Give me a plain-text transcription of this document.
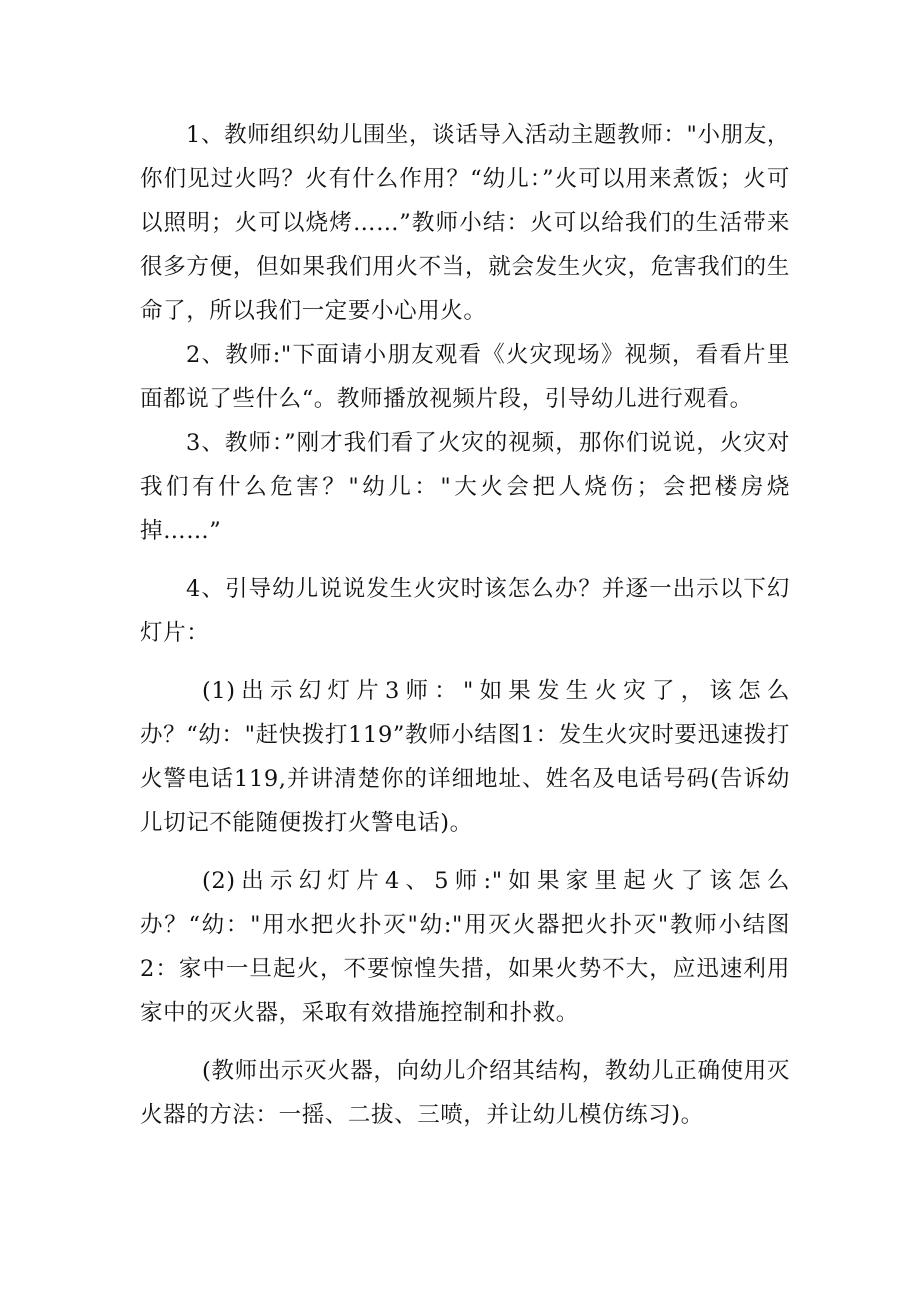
1、教师组织幼儿围坐，谈话导入活动主题教师："小朋友，你们见过火吗？火有什么作用？“幼儿：”火可以用来煮饭；火可以照明；火可以烧烤……”教师小结：火可以给我们的生活带来很多方便，但如果我们用火不当，就会发生火灾，危害我们的生命了，所以我们一定要小心用火。

2、教师:"下面请小朋友观看《火灾现场》视频，看看片里面都说了些什么“。教师播放视频片段，引导幼儿进行观看。

3、教师：”刚才我们看了火灾的视频，那你们说说，火灾对我们有什么危害？"幼儿："大火会把人烧伤；会把楼房烧掉……”

4、引导幼儿说说发生火灾时该怎么办？并逐一出示以下幻灯片：

(1)出示幻灯片3师："如果发生火灾了，该怎么办？“幼："赶快拨打119”教师小结图1：发生火灾时要迅速拨打火警电话119,并讲清楚你的详细地址、姓名及电话号码(告诉幼儿切记不能随便拨打火警电话)。

(2)出示幻灯片4、5师:"如果家里起火了该怎么办？“幼："用水把火扑灭"幼:"用灭火器把火扑灭"教师小结图2：家中一旦起火，不要惊惶失措，如果火势不大，应迅速利用家中的灭火器，采取有效措施控制和扑救。

(教师出示灭火器，向幼儿介绍其结构，教幼儿正确使用灭火器的方法：一摇、二拔、三喷，并让幼儿模仿练习)。
